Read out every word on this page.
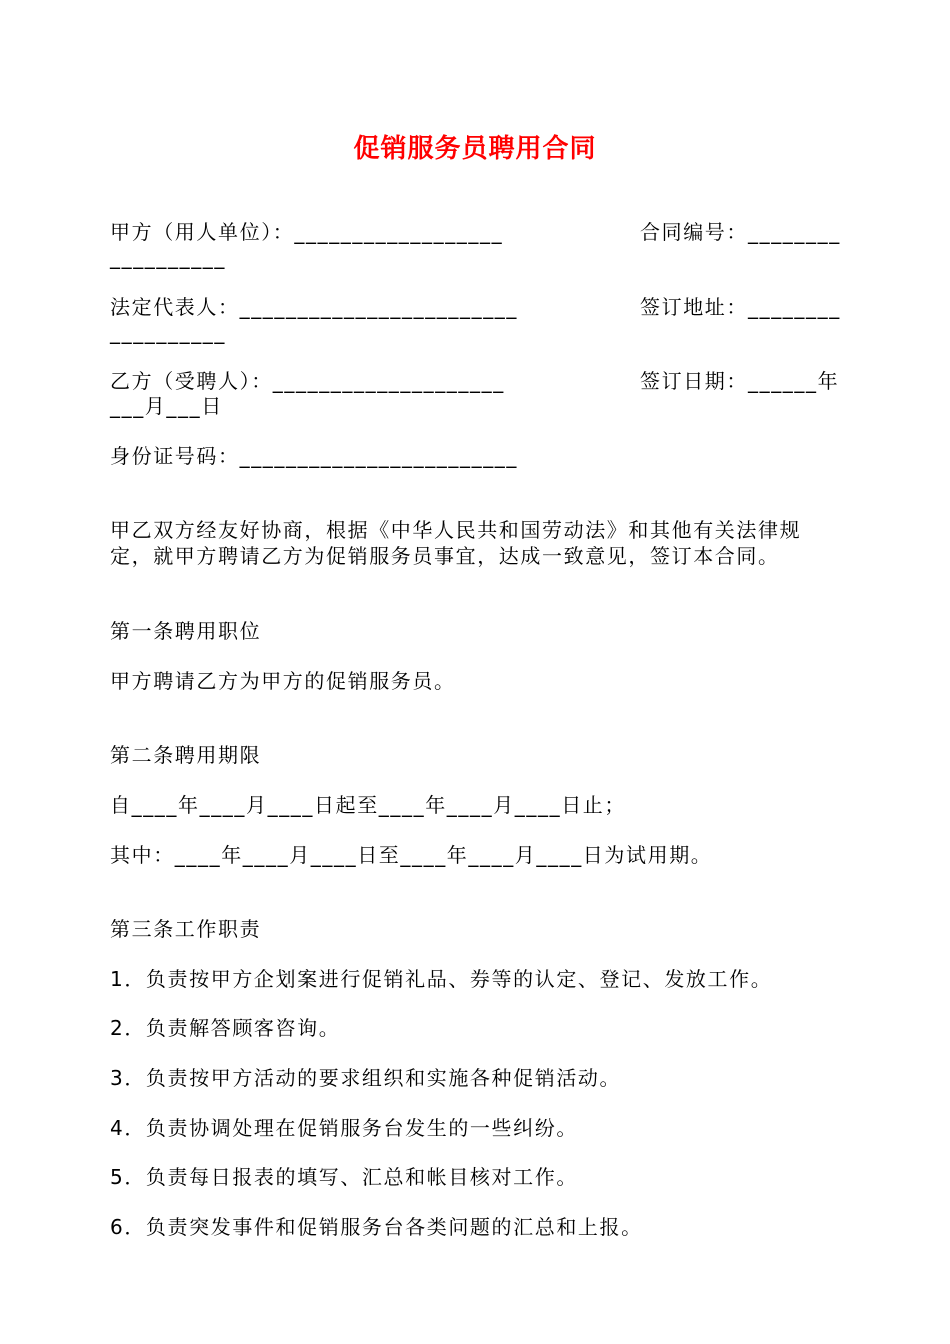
促销服务员聘用合同
甲方（用人单位）：__________________	合同编号：________
__________
法定代表人：________________________	签订地址：________
__________
乙方（受聘人）：____________________	签订日期：______年
___月___日
身份证号码：________________________
甲乙双方经友好协商，根据《中华人民共和国劳动法》和其他有关法律规
定，就甲方聘请乙方为促销服务员事宜，达成一致意见，签订本合同。
第一条聘用职位
甲方聘请乙方为甲方的促销服务员。
第二条聘用期限
自____年____月____日起至____年____月____日止；
其中：____年____月____日至____年____月____日为试用期。
第三条工作职责
1．负责按甲方企划案进行促销礼品、券等的认定、登记、发放工作。
2．负责解答顾客咨询。
3．负责按甲方活动的要求组织和实施各种促销活动。
4．负责协调处理在促销服务台发生的一些纠纷。
5．负责每日报表的填写、汇总和帐目核对工作。
6．负责突发事件和促销服务台各类问题的汇总和上报。
